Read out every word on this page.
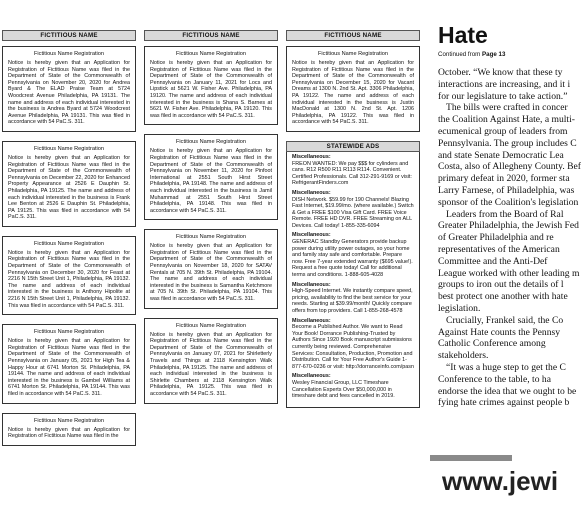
FICTITIOUS NAME
Fictitious Name Registration
Notice is hereby given that an Application for Registration of Fictitious Name was filed in the Department of State of the Commonwealth of Pennsylvania on November 20, 2020 for Andrea Byard & The ELAD Praise Team at 5724 Woodcrest Avenue Philadelphia, PA 19131. The name and address of each individual interested in the business is Andrea Byard at 5724 Woodcrest Avenue Philadelphia, PA 19131. This was filed in accordance with 54 PaC.S. 311.
Fictitious Name Registration
Notice is hereby given that an Application for Registration of Fictitious Name was filed in the Department of State of the Commonwealth of Pennsylvania on December 22, 2020 for Enhanced Property Appearance at 2526 E Dauphin St. Philadelphia, PA 19125. The name and address of each individual interested in the business is Frank Lee Benton at 2526 E Dauphin St. Philadelphia, PA 19125. This was filed in accordance with 54 PaC.S. 311.
Fictitious Name Registration
Notice is hereby given that an Application for Registration of Fictitious Name was filed in the Department of State of the Commonwealth of Pennsylvania on December 30, 2020 for Feast at 2216 N 15th Street Unit 1, Philadelphia, PA 19132. The name and address of each individual interested in the business is Anthony Hipolite at 2216 N 15th Street Unit 1, Philadelphia, PA 19132. This was filed in accordance with 54 PaC.S. 311.
Fictitious Name Registration
Notice is hereby given that an Application for Registration of Fictitious Name was filed in the Department of State of the Commonwealth of Pennsylvania on January 05, 2021 for High Tea & Happy Hour at 6741 Morton St. Philadelphia, PA 19144. The name and address of each individual interested in the business is Gambel Williams at 6741 Morton St. Philadelphia, PA 19144. This was filed in accordance with 54 PaC.S. 311.
Fictitious Name Registration
Notice is hereby given that an Application for Registration of Fictitious Name was filed in the
FICTITIOUS NAME
Fictitious Name Registration
Notice is hereby given that an Application for Registration of Fictitious Name was filed in the Department of State of the Commonwealth of Pennsylvania on January 11, 2021 for Locs and Lipstick at 5621 W. Fisher Ave. Philadelphia, PA 19120. The name and address of each individual interested in the business is Shana S. Barnes at 5621 W. Fisher Ave. Philadelphia, PA 19120. This was filed in accordance with 54 PaC.S. 311.
Fictitious Name Registration
Notice is hereby given that an Application for Registration of Fictitious Name was filed in the Department of State of the Commonwealth of Pennsylvania on November 11, 2020 for Pinfoot International at 2551 South Hirst Street Philadelphia, PA 19148. The name and address of each individual interested in the business is Jamil Muhammad at 2551 South Hirst Street Philadelphia, PA 19148. This was filed in accordance with 54 PaC.S. 311.
Fictitious Name Registration
Notice is hereby given that an Application for Registration of Fictitious Name was filed in the Department of State of the Commonwealth of Pennsylvania on November 18, 2020 for SATAV Rentals at 705 N. 39th St. Philadelphia, PA 19104. The name and address of each individual interested in the business is Samantha Ketchmore at 705 N. 39th St. Philadelphia, PA 19104. This was filed in accordance with 54 PaC.S. 311.
Fictitious Name Registration
Notice is hereby given that an Application for Registration of Fictitious Name was filed in the Department of State of the Commonwealth of Pennsylvania on January 07, 2021 for Shirletterly Travels and Things at 2118 Kensington Walk Philadelphia, PA 19125. The name and address of each individual interested in the business is Shirlette Chambers at 2118 Kensington Walk Philadelphia, PA 19125. This was filed in accordance with 54 PaC.S. 311.
FICTITIOUS NAME
Fictitious Name Registration
Notice is hereby given that an Application for Registration of Fictitious Name was filed in the Department of State of the Commonwealth of Pennsylvania on December 15, 2020 for Vacant Dreams at 1300 N. 2nd St. Apt. 3306 Philadelphia, PA 19122. The name and address of each individual interested in the business is Justin MacDonald at 1300 N. 2nd St. Apt. 1206 Philadelphia, PA 19122. This was filed in accordance with 54 PaC.S. 311.
STATEWIDE ADS
Miscellaneous:
FREON WANTED: We pay $$$ for cylinders and cans. R12 R500 R11 R113 R114. Convenient. Certified Professionals. Call 312-291-9169 or visit: RefrigerantFinders.com
Miscellaneous:
DISH Network. $59.99 for 190 Channels! Blazing Fast Internet, $19.99/mo. (where available.) Switch & Get a FREE $100 Visa Gift Card. FREE Voice Remote. FREE HD DVR. FREE Streaming on ALL Devices. Call today! 1-855-335-6094
Miscellaneous:
GENERAC Standby Generators provide backup power during utility power outages, so your home and family stay safe and comfortable. Prepare now. Free 7-year extended warranty ($695 value!). Request a free quote today! Call for additional terms and conditions. 1-888-605-4028
Miscellaneous:
High-Speed Internet. We instantly compare speed, pricing, availability to find the best service for your needs. Starting at $39.99/month! Quickly compare offers from top providers. Call 1-855-268-4578
Miscellaneous:
Become a Published Author. We want to Read Your Book! Dorrance Publishing-Trusted by Authors Since 1920 Book manuscript submissions currently being reviewed. Comprehensive Services: Consultation, Production, Promotion and Distribution. Call for Your Free Author's Guide 1-877-670-0236 or visit: http://dorranceinfo.com/pasn
Miscellaneous:
Wesley Financial Group, LLC Timeshare Cancellation Experts Over $50,000,000 in timeshare debt and fees cancelled in 2019.
Hate
Continued from Page 13

October. “We know that these ty

interactions are increasing, and it i

for our legislature to take action.”

The bills were crafted in concer

the Coalition Against Hate, a multi-

ecumenical group of leaders from

Pennsylvania. The group includes C

and state Senate Democratic Lea

Costa, also of Allegheny County. Bef

primary defeat in 2020, former sta

Larry Farnese, of Philadelphia, was

sponsor of the Coalition's legislation

Leaders from the Board of Ral

Greater Philadelphia, the Jewish Fed

of Greater Philadelphia and re

representatives of the American

Committee and the Anti-Def

League worked with other leading m

groups to iron out the details of l

best protect one another with hate

legislation.

Crucially, Frankel said, the Co

Against Hate counts the Pennsy

Catholic Conference among

stakeholders.

“It was a huge step to get the C

Conference to the table, to ha

endorse the idea that we ought to be

fying hate crimes against people b

www.jewi
